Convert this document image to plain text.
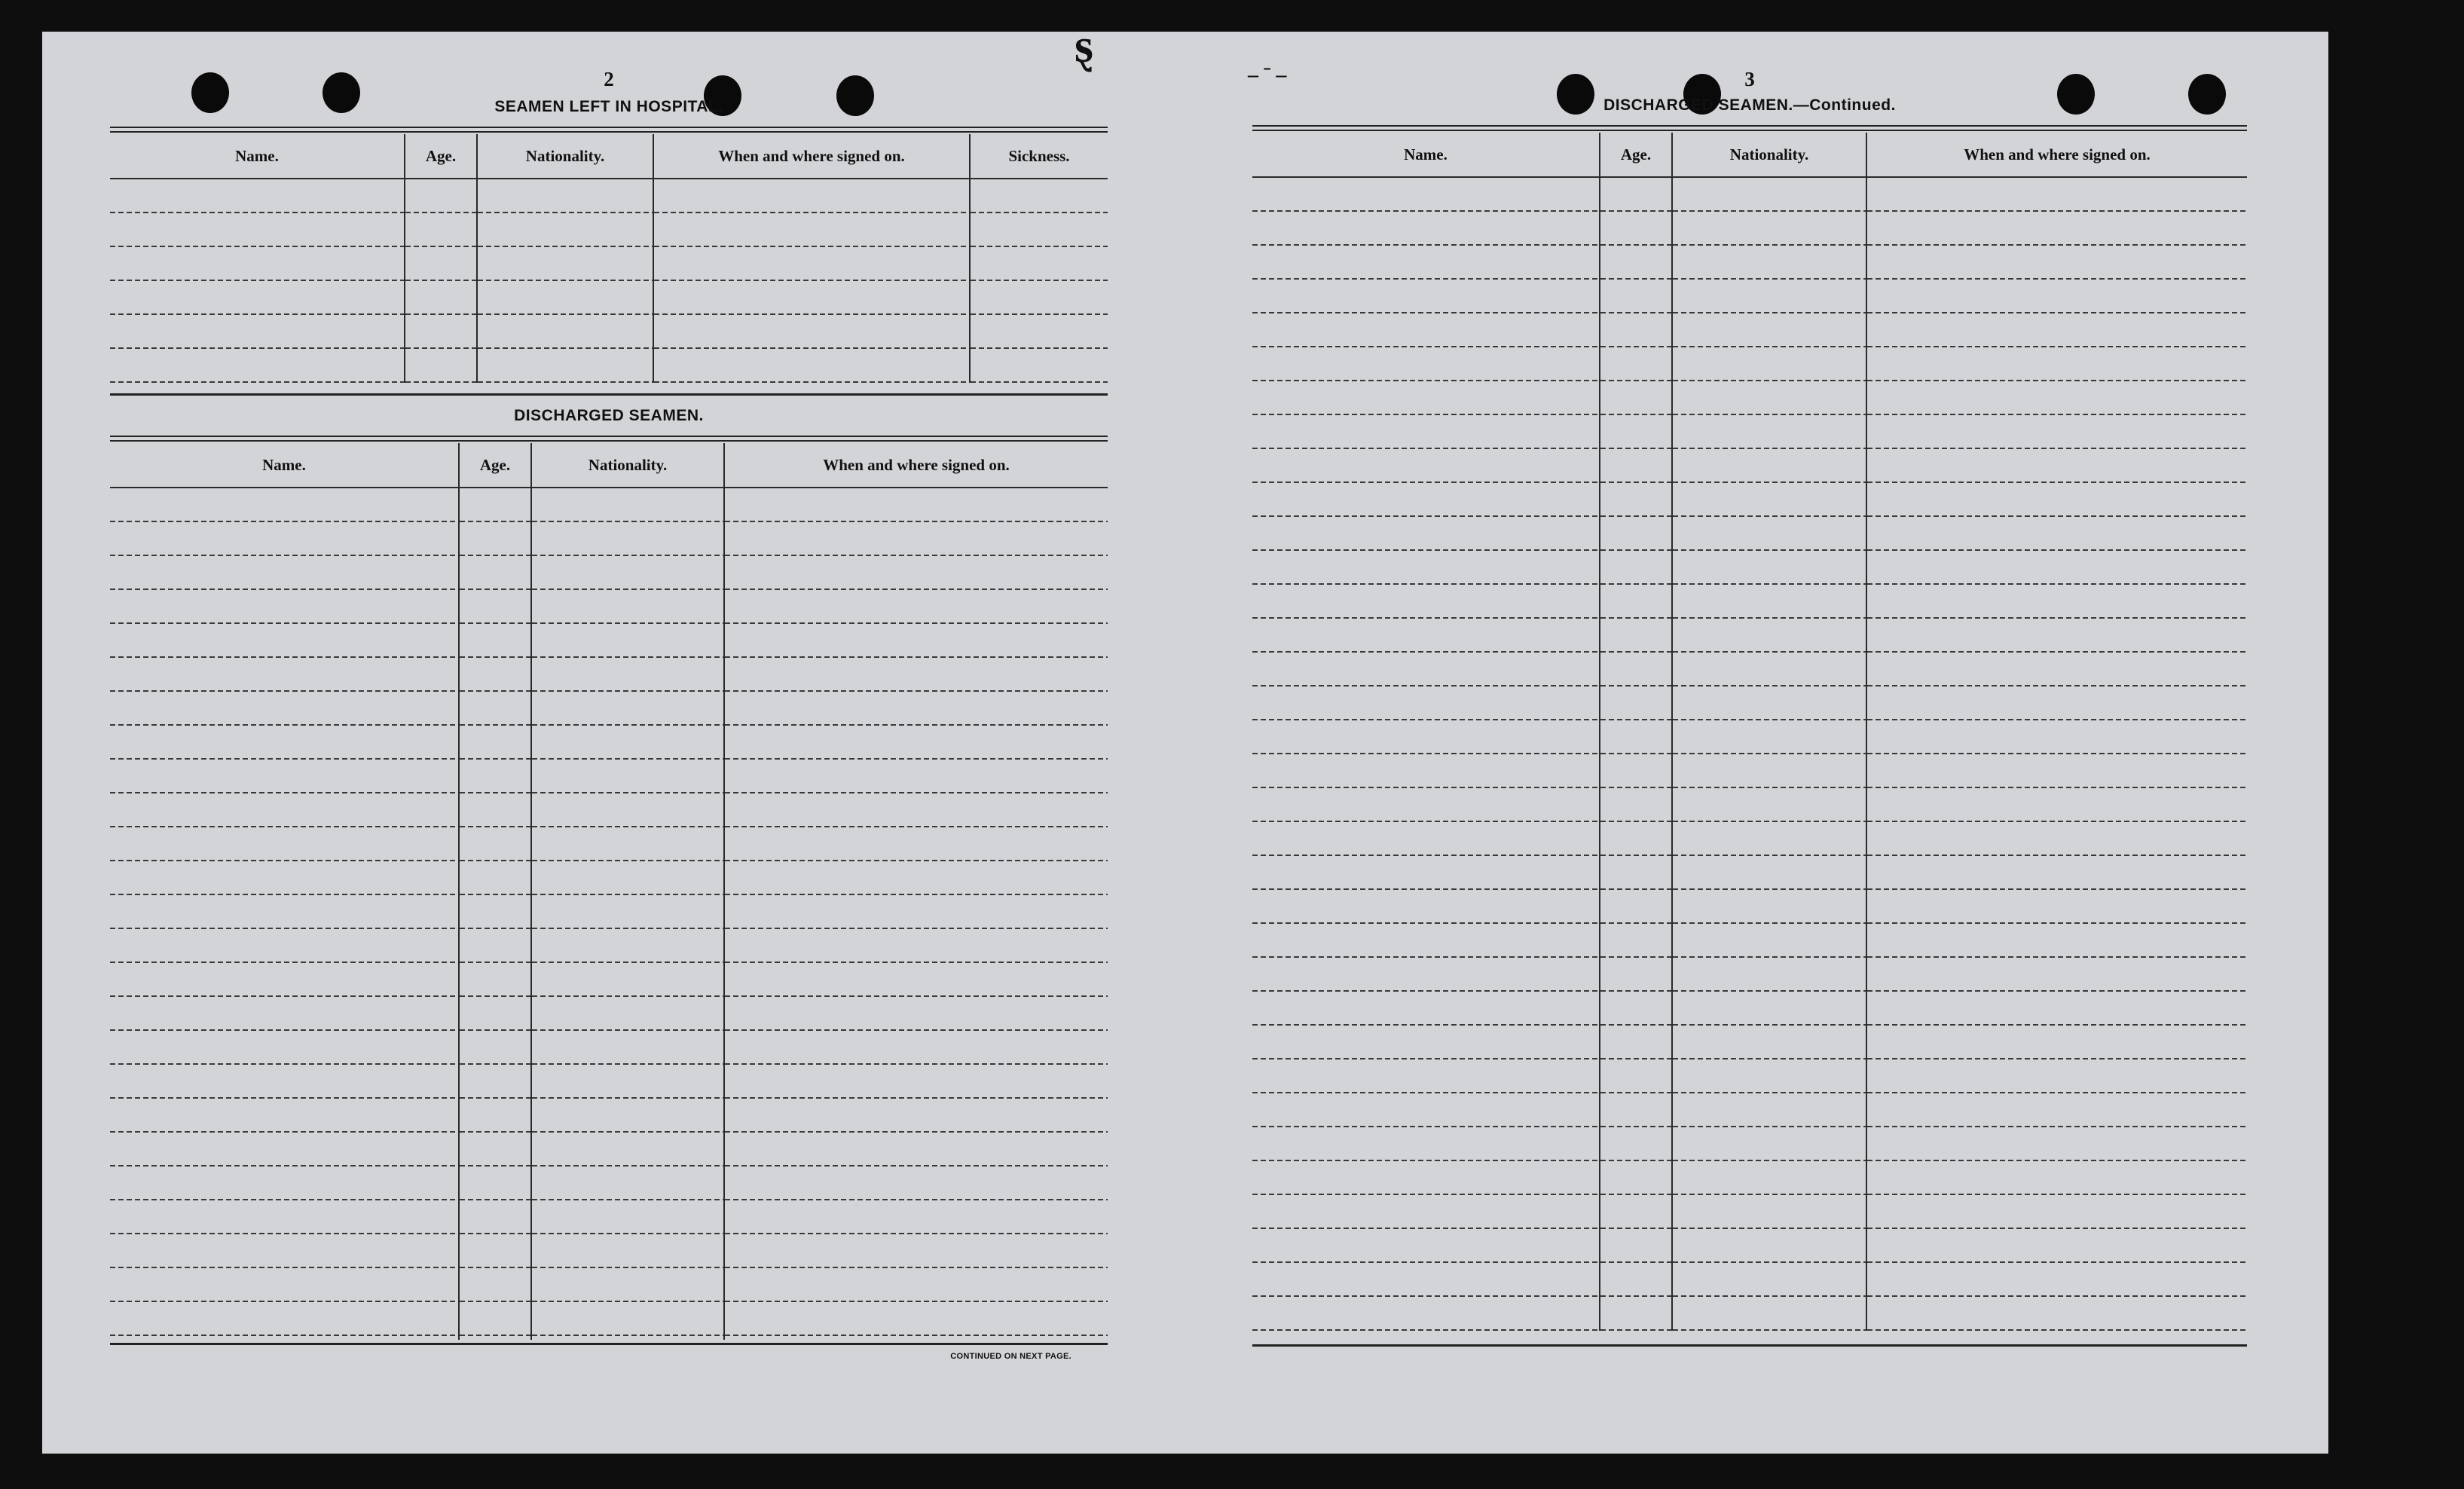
ȿ
‒ ˉ ‒
2
SEAMEN LEFT IN HOSPITAL.
Name.	Age.	Nationality.	When and where signed on.	Sickness.
DISCHARGED SEAMEN.
Name.	Age.	Nationality.	When and where signed on.
CONTINUED ON NEXT PAGE.
3
DISCHARGED SEAMEN.—Continued.
Name.	Age.	Nationality.	When and where signed on.
